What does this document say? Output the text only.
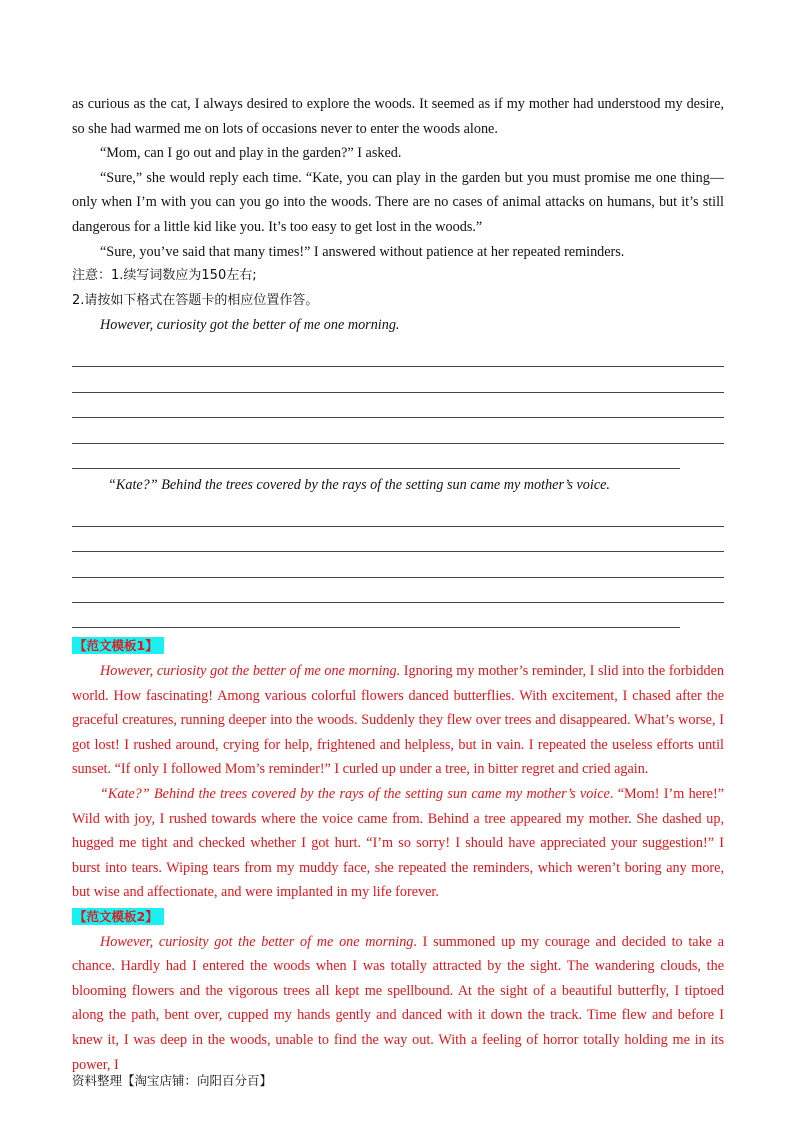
as curious as the cat, I always desired to explore the woods. It seemed as if my mother had understood my desire, so she had warmed me on lots of occasions never to enter the woods alone.

“Mom, can I go out and play in the garden?” I asked.

“Sure,” she would reply each time. “Kate, you can play in the garden but you must promise me one thing—only when I’m with you can you go into the woods. There are no cases of animal attacks on humans, but it’s still dangerous for a little kid like you. It’s too easy to get lost in the woods.”

“Sure, you’ve said that many times!” I answered without patience at her repeated reminders.

注意：1.续写词数应为150左右;

2.请按如下格式在答题卡的相应位置作答。

However, curiosity got the better of me one morning.

“Kate?” Behind the trees covered by the rays of the setting sun came my mother’s voice.

【范文模板1】

However, curiosity got the better of me one morning. Ignoring my mother’s reminder, I slid into the forbidden world. How fascinating! Among various colorful flowers danced butterflies. With excitement, I chased after the graceful creatures, running deeper into the woods. Suddenly they flew over trees and disappeared. What’s worse, I got lost! I rushed around, crying for help, frightened and helpless, but in vain. I repeated the useless efforts until sunset. “If only I followed Mom’s reminder!” I curled up under a tree, in bitter regret and cried again.

“Kate?” Behind the trees covered by the rays of the setting sun came my mother’s voice. “Mom! I’m here!” Wild with joy, I rushed towards where the voice came from. Behind a tree appeared my mother. She dashed up, hugged me tight and checked whether I got hurt. “I’m so sorry! I should have appreciated your suggestion!” I burst into tears. Wiping tears from my muddy face, she repeated the reminders, which weren’t boring any more, but wise and affectionate, and were implanted in my life forever.

【范文模板2】

However, curiosity got the better of me one morning. I summoned up my courage and decided to take a chance. Hardly had I entered the woods when I was totally attracted by the sight. The wandering clouds, the blooming flowers and the vigorous trees all kept me spellbound. At the sight of a beautiful butterfly, I tiptoed along the path, bent over, cupped my hands gently and danced with it down the track. Time flew and before I knew it, I was deep in the woods, unable to find the way out. With a feeling of horror totally holding me in its power, I

资料整理【淘宝店铺：向阳百分百】
